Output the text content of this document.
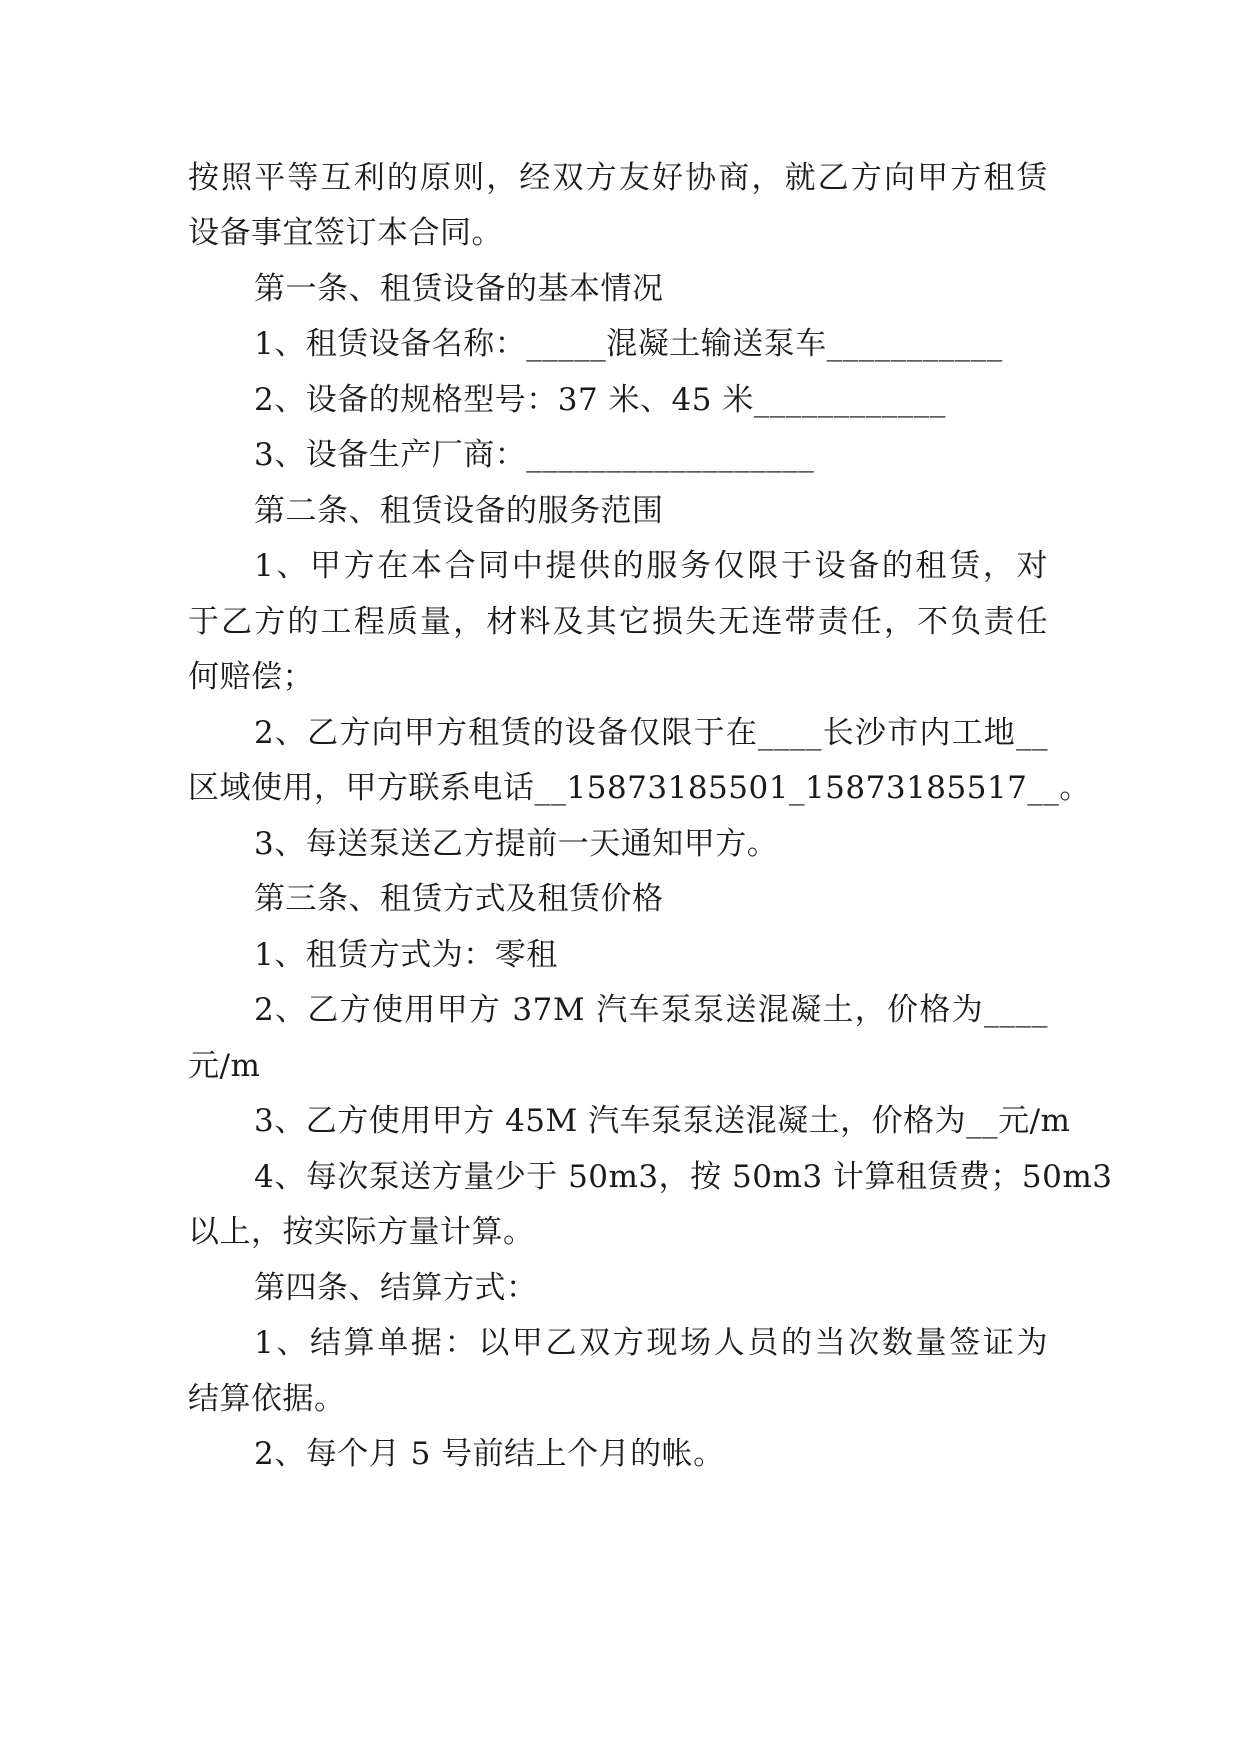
按照平等互利的原则，经双方友好协商，就乙方向甲方租赁
设备事宜签订本合同。
第一条、租赁设备的基本情况
1、租赁设备名称：_____混凝土输送泵车___________
2、设备的规格型号：37 米、45 米____________
3、设备生产厂商：__________________
第二条、租赁设备的服务范围
1、甲方在本合同中提供的服务仅限于设备的租赁，对
于乙方的工程质量，材料及其它损失无连带责任，不负责任
何赔偿；
2、乙方向甲方租赁的设备仅限于在____长沙市内工地__
区域使用，甲方联系电话__15873185501_15873185517__。
3、每送泵送乙方提前一天通知甲方。
第三条、租赁方式及租赁价格
1、租赁方式为：零租
2、乙方使用甲方 37M 汽车泵泵送混凝土，价格为____
元/m
3、乙方使用甲方 45M 汽车泵泵送混凝土，价格为__元/m
4、每次泵送方量少于 50m3，按 50m3 计算租赁费；50m3
以上，按实际方量计算。
第四条、结算方式：
1、结算单据：以甲乙双方现场人员的当次数量签证为
结算依据。
2、每个月 5 号前结上个月的帐。
